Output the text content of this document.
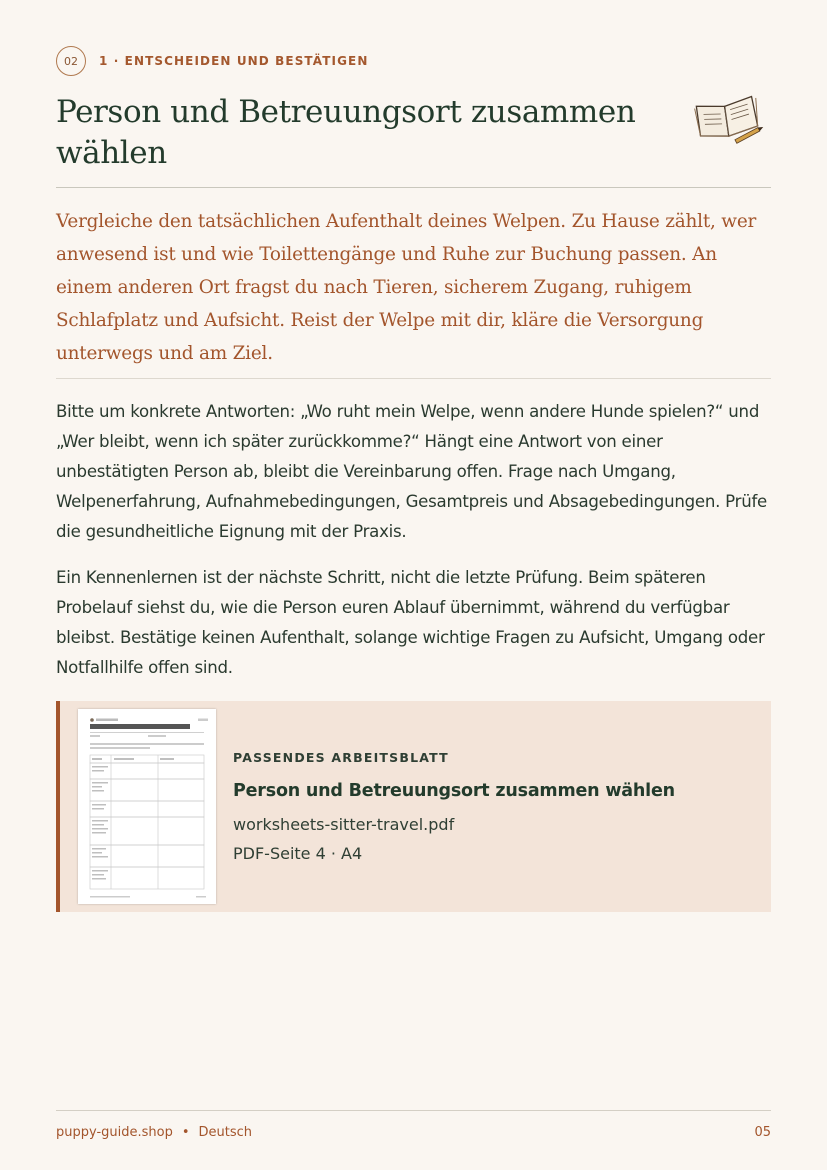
02	1 · ENTSCHEIDEN UND BESTÄTIGEN
Person und Betreuungsort zusammen wählen

Vergleiche den tatsächlichen Aufenthalt deines Welpen. Zu Hause zählt, wer anwesend ist und wie Toilettengänge und Ruhe zur Buchung passen. An einem anderen Ort fragst du nach Tieren, sicherem Zugang, ruhigem Schlafplatz und Aufsicht. Reist der Welpe mit dir, kläre die Versorgung unterwegs und am Ziel.

Bitte um konkrete Antworten: „Wo ruht mein Welpe, wenn andere Hunde spielen?“ und „Wer bleibt, wenn ich später zurückkomme?“ Hängt eine Antwort von einer unbestätigten Person ab, bleibt die Vereinbarung offen. Frage nach Umgang, Welpenerfahrung, Aufnahmebedingungen, Gesamtpreis und Absagebedingungen. Prüfe die gesundheitliche Eignung mit der Praxis.

Ein Kennenlernen ist der nächste Schritt, nicht die letzte Prüfung. Beim späteren Probelauf siehst du, wie die Person euren Ablauf übernimmt, während du verfügbar bleibst. Bestätige keinen Aufenthalt, solange wichtige Fragen zu Aufsicht, Umgang oder Notfallhilfe offen sind.

PASSENDES ARBEITSBLATT

Person und Betreuungsort zusammen wählen

worksheets-sitter-travel.pdf

PDF-Seite 4 · A4

puppy-guide.shop • Deutsch	05
